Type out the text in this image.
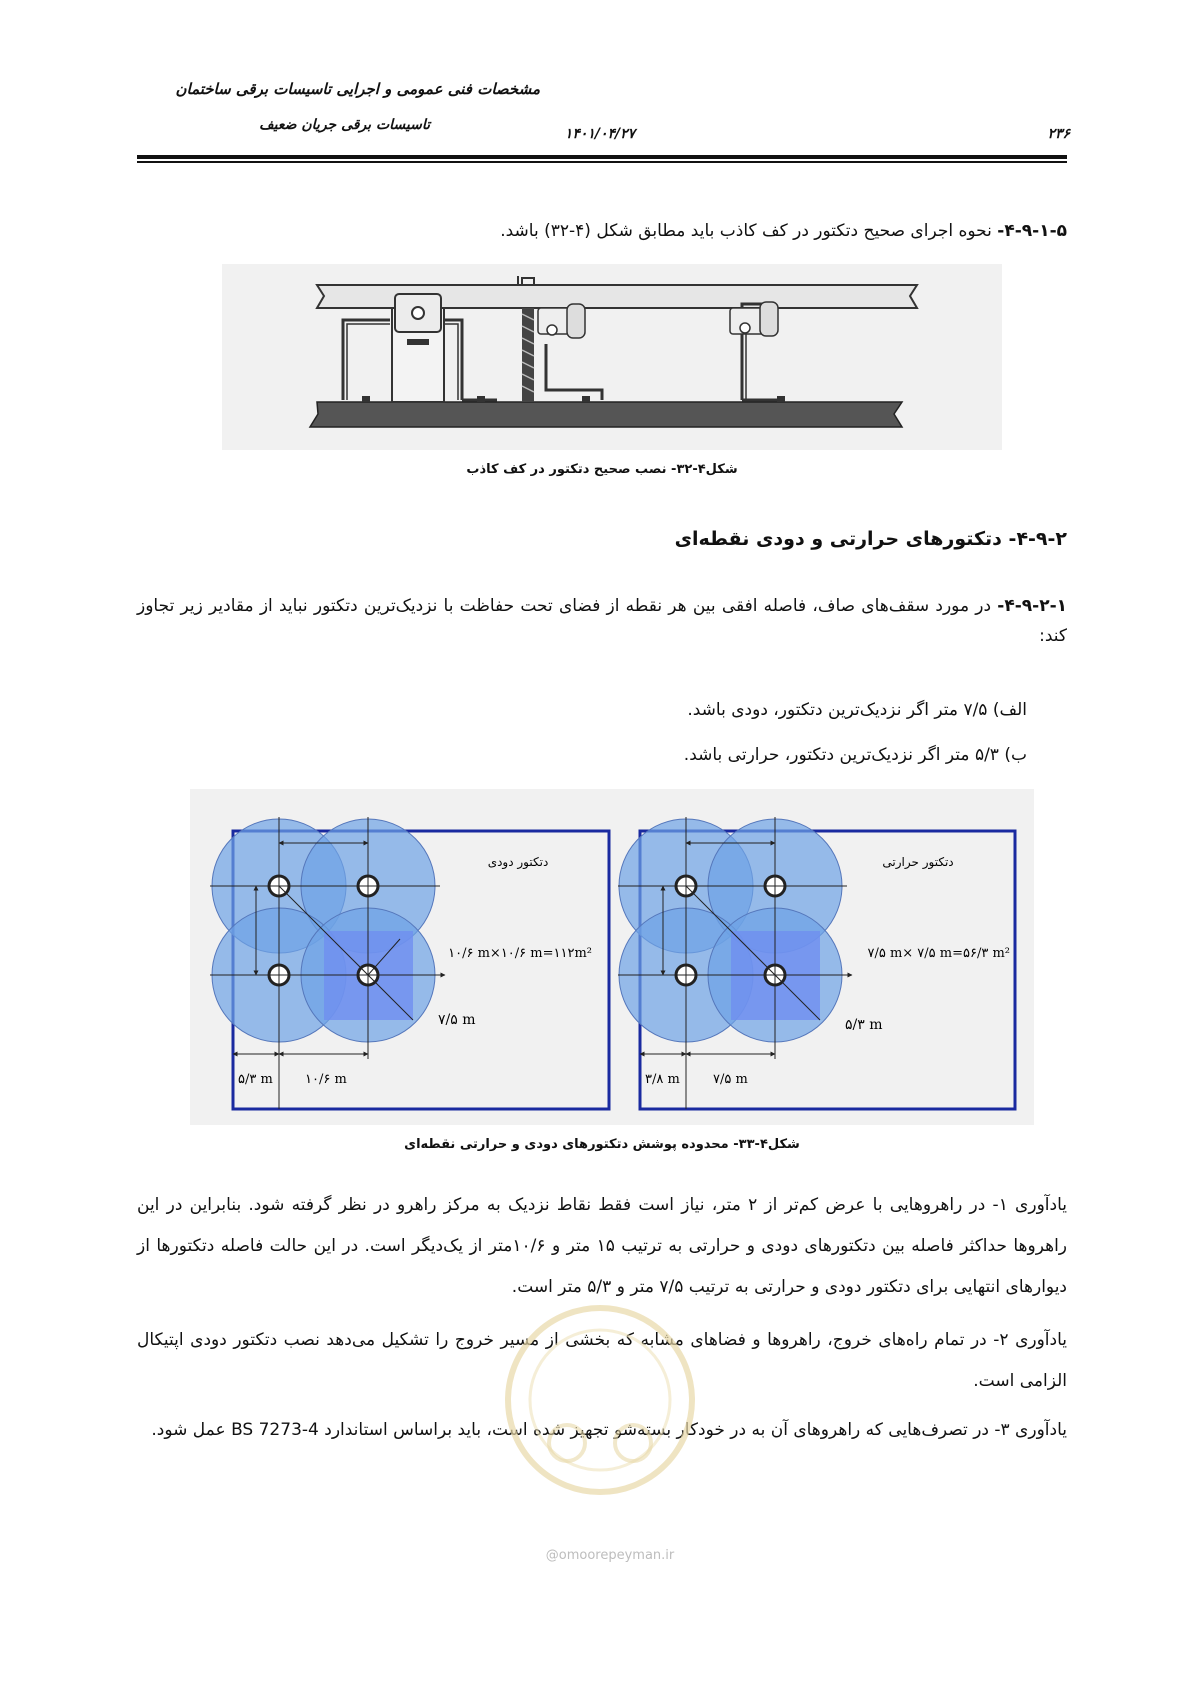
مشخصات فنی عمومی و اجرایی تاسیسات برقی ساختمان
تاسیسات برقی جریان ضعیف
۱۴۰۱/۰۴/۲۷	۲۳۶
۴-۹-۱-۵- نحوه اجرای صحیح دتکتور در کف کاذب باید مطابق شکل (۴-۳۲) باشد.
شکل۴-۳۲- نصب صحیح دتکتور در کف کاذب
۴-۹-۲- دتکتورهای حرارتی و دودی نقطه‌ای
۴-۹-۲-۱- در مورد سقف‌های صاف، فاصله افقی بین هر نقطه از فضای تحت حفاظت با نزدیک‌ترین دتکتور نباید از مقادیر زیر تجاوز کند:
الف) ۷/۵ متر اگر نزدیک‌ترین دتکتور، دودی باشد.
ب) ۵/۳ متر اگر نزدیک‌ترین دتکتور، حرارتی باشد.
دتکتور دودی
۱۰/۶ m×۱۰/۶ m=۱۱۲m²
۷/۵ m
۵/۳ m ۱۰/۶ m
دتکتور حرارتی
۷/۵ m× ۷/۵ m=۵۶/۳ m²
۵/۳ m
۳/۸ m	۷/۵ m
شکل۴-۳۳- محدوده پوشش دتکتورهای دودی و حرارتی نقطه‌ای
یادآوری ۱- در راهروهایی با عرض کم‌تر از ۲ متر، نیاز است فقط نقاط نزدیک به مرکز راهرو در نظر گرفته شود. بنابراین در این راهروها حداکثر فاصله بین دتکتورهای دودی و حرارتی به ترتیب ۱۵ متر و ۱۰/۶متر از یک‌دیگر است. در این حالت فاصله دتکتورها از دیوارهای انتهایی برای دتکتور دودی و حرارتی به ترتیب ۷/۵ متر و ۵/۳ متر است.
یادآوری ۲- در تمام راه‌های خروج، راهروها و فضاهای مشابه که بخشی از مسیر خروج را تشکیل می‌دهد نصب دتکتور دودی اپتیکال الزامی است.
یادآوری ۳- در تصرف‌هایی که راهروهای آن به در خودکار بسته‌شو تجهیز شده است، باید براساس استاندارد BS 7273-4 عمل شود.
@omoorepeyman.ir
